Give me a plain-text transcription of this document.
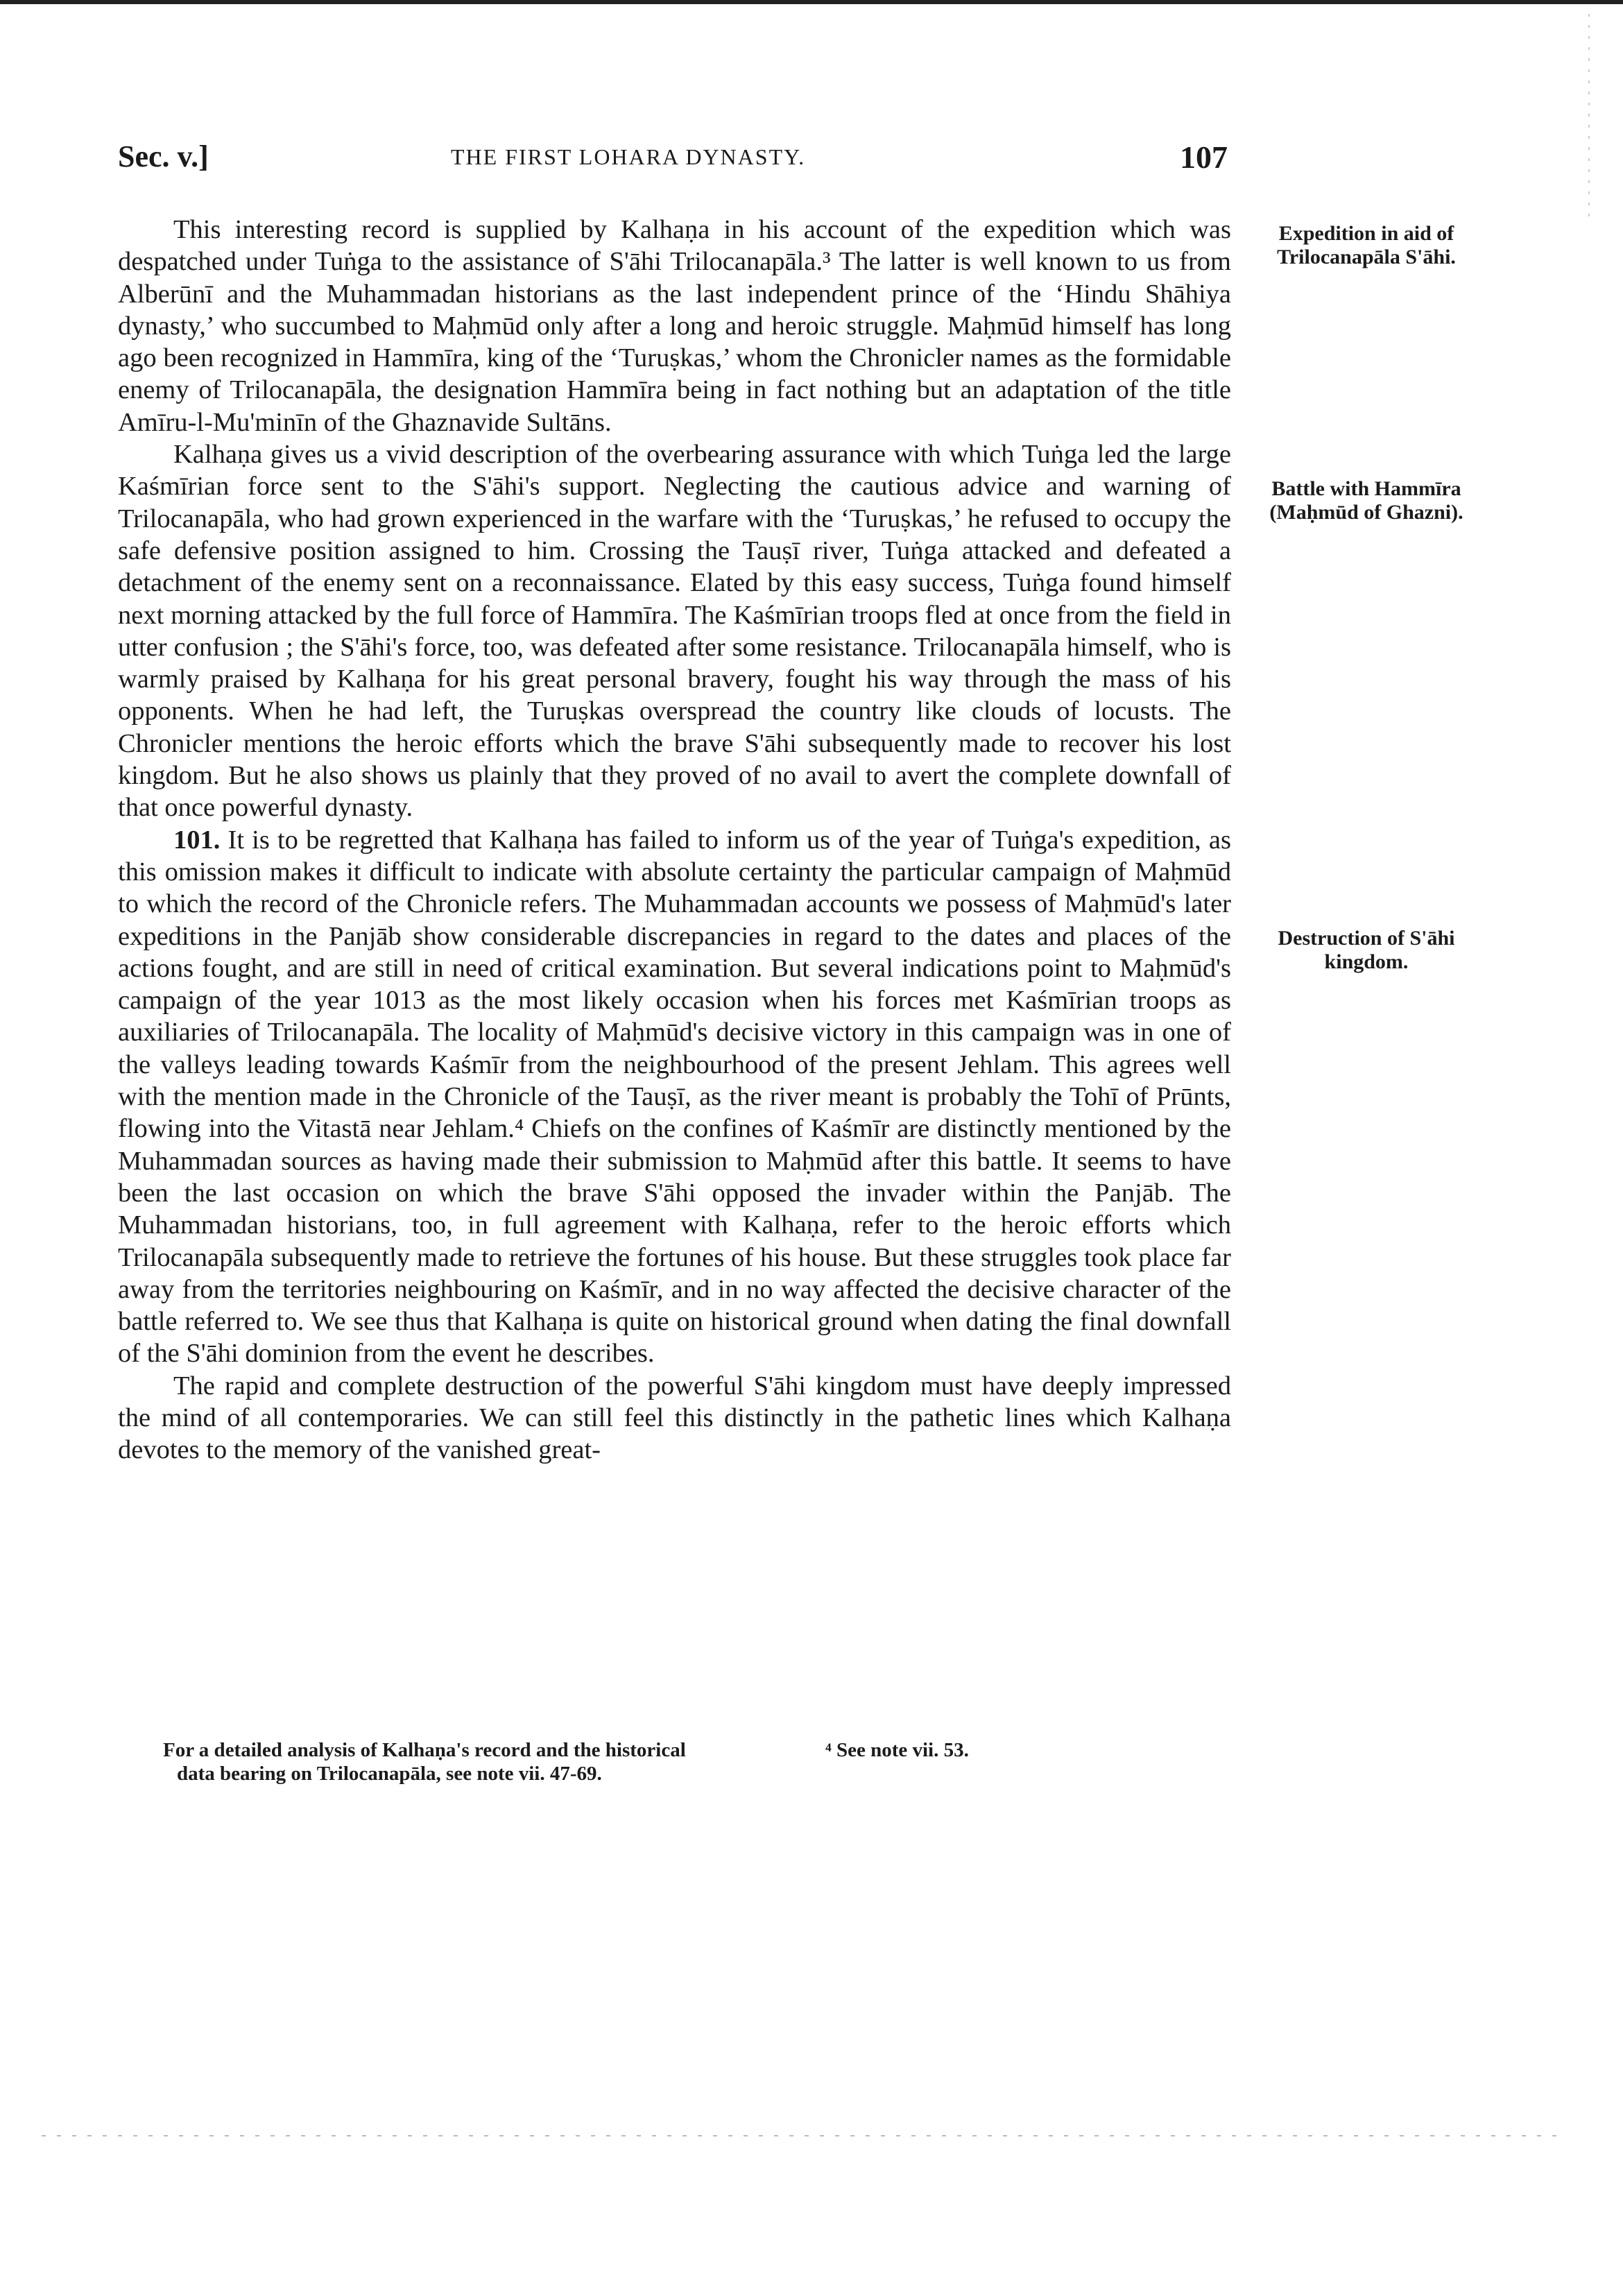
Sec. v.]	THE FIRST LOHARA DYNASTY.	107

This interesting record is supplied by Kalhaṇa in his account of the expedition which was despatched under Tuṅga to the assistance of S'āhi Trilocanapāla.³ The latter is well known to us from Alberūnī and the Muhammadan historians as the last independent prince of the ‘Hindu Shāhiya dynasty,’ who succumbed to Maḥmūd only after a long and heroic struggle. Maḥmūd himself has long ago been recognized in Hammīra, king of the ‘Turuṣkas,’ whom the Chronicler names as the formidable enemy of Trilocanapāla, the designation Hammīra being in fact nothing but an adaptation of the title Amīru-l-Mu'minīn of the Ghaznavide Sultāns.

Kalhaṇa gives us a vivid description of the overbearing assurance with which Tuṅga led the large Kaśmīrian force sent to the S'āhi's support. Neglecting the cautious advice and warning of Trilocanapāla, who had grown experienced in the warfare with the ‘Turuṣkas,’ he refused to occupy the safe defensive position assigned to him. Crossing the Tauṣī river, Tuṅga attacked and defeated a detachment of the enemy sent on a reconnaissance. Elated by this easy success, Tuṅga found himself next morning attacked by the full force of Hammīra. The Kaśmīrian troops fled at once from the field in utter confusion ; the S'āhi's force, too, was defeated after some resistance. Trilocanapāla himself, who is warmly praised by Kalhaṇa for his great personal bravery, fought his way through the mass of his opponents. When he had left, the Turuṣkas overspread the country like clouds of locusts. The Chronicler mentions the heroic efforts which the brave S'āhi subsequently made to recover his lost kingdom. But he also shows us plainly that they proved of no avail to avert the complete downfall of that once powerful dynasty.

101. It is to be regretted that Kalhaṇa has failed to inform us of the year of Tuṅga's expedition, as this omission makes it difficult to indicate with absolute certainty the particular campaign of Maḥmūd to which the record of the Chronicle refers. The Muhammadan accounts we possess of Maḥmūd's later expeditions in the Panjāb show considerable discrepancies in regard to the dates and places of the actions fought, and are still in need of critical examination. But several indications point to Maḥmūd's campaign of the year 1013 as the most likely occasion when his forces met Kaśmīrian troops as auxiliaries of Trilocanapāla. The locality of Maḥmūd's decisive victory in this campaign was in one of the valleys leading towards Kaśmīr from the neighbourhood of the present Jehlam. This agrees well with the mention made in the Chronicle of the Tauṣī, as the river meant is probably the Tohī of Prūnts, flowing into the Vitastā near Jehlam.⁴ Chiefs on the confines of Kaśmīr are distinctly mentioned by the Muhammadan sources as having made their submission to Maḥmūd after this battle. It seems to have been the last occasion on which the brave S'āhi opposed the invader within the Panjāb. The Muhammadan historians, too, in full agreement with Kalhaṇa, refer to the heroic efforts which Trilocanapāla subsequently made to retrieve the fortunes of his house. But these struggles took place far away from the territories neighbouring on Kaśmīr, and in no way affected the decisive character of the battle referred to. We see thus that Kalhaṇa is quite on historical ground when dating the final downfall of the S'āhi dominion from the event he describes.

The rapid and complete destruction of the powerful S'āhi kingdom must have deeply impressed the mind of all contemporaries. We can still feel this distinctly in the pathetic lines which Kalhaṇa devotes to the memory of the vanished great-

Expedition in aid of Trilocanapāla S'āhi.
Battle with Hammīra (Maḥmūd of Ghazni).
Destruction of S'āhi kingdom.
For a detailed analysis of Kalhaṇa's record and the historical data bearing on Trilocanapāla, see note vii. 47-69.
⁴ See note vii. 53.
